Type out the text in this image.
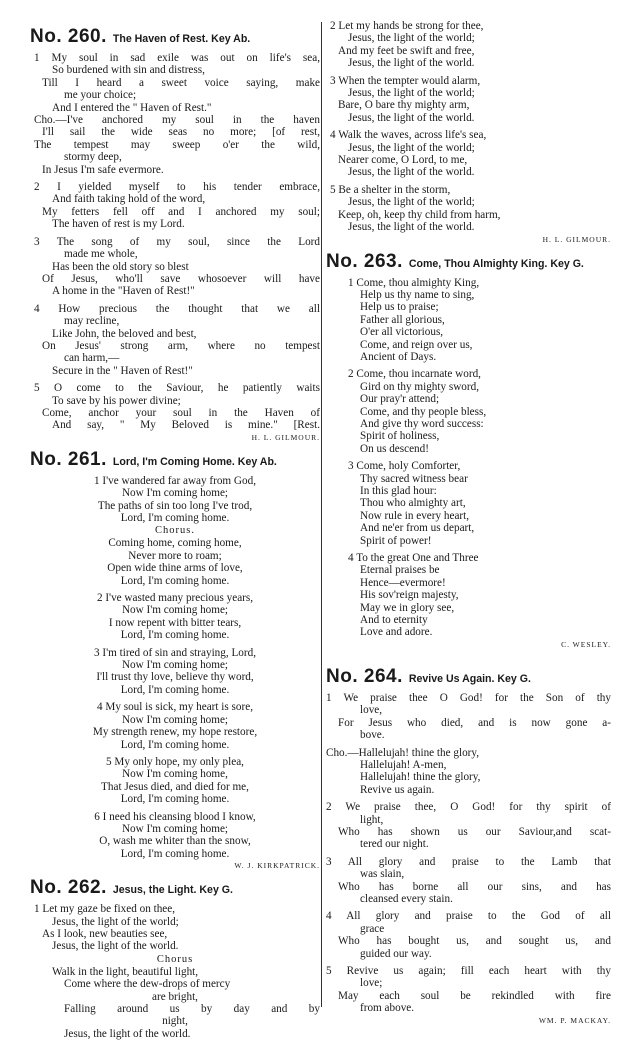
No. 260. The Haven of Rest. Key Ab.
1 My soul in sad exile was out on life's sea,
So burdened with sin and distress,
Till I heard a sweet voice saying, make
me your choice;
And I entered the " Haven of Rest."
Cho.—I've anchored my soul in the haven
I'll sail the wide seas no more; [of rest,
The tempest may sweep o'er the wild,
stormy deep,
In Jesus I'm safe evermore.
2 I yielded myself to his tender embrace,
And faith taking hold of the word,
My fetters fell off and I anchored my soul;
The haven of rest is my Lord.
3 The song of my soul, since the Lord
made me whole,
Has been the old story so blest
Of Jesus, who'll save whosoever will have
A home in the "Haven of Rest!"
4 How precious the thought that we all
may recline,
Like John, the beloved and best,
On Jesus' strong arm, where no tempest
can harm,—
Secure in the " Haven of Rest!"
5 O come to the Saviour, he patiently waits
To save by his power divine;
Come, anchor your soul in the Haven of
And say, " My Beloved is mine." [Rest.
H. L. GILMOUR.
No. 261. Lord, I'm Coming Home. Key Ab.
1 I've wandered far away from God,
Now I'm coming home;
The paths of sin too long I've trod,
Lord, I'm coming home.
Chorus.
Coming home, coming home,
Never more to roam;
Open wide thine arms of love,
Lord, I'm coming home.
2 I've wasted many precious years,
Now I'm coming home;
I now repent with bitter tears,
Lord, I'm coming home.
3 I'm tired of sin and straying, Lord,
Now I'm coming home;
I'll trust thy love, believe thy word,
Lord, I'm coming home.
4 My soul is sick, my heart is sore,
Now I'm coming home;
My strength renew, my hope restore,
Lord, I'm coming home.
5 My only hope, my only plea,
Now I'm coming home,
That Jesus died, and died for me,
Lord, I'm coming home.
6 I need his cleansing blood I know,
Now I'm coming home;
O, wash me whiter than the snow,
Lord, I'm coming home.
W. J. KIRKPATRICK.
No. 262. Jesus, the Light. Key G.
1 Let my gaze be fixed on thee,
Jesus, the light of the world;
As I look, new beauties see,
Jesus, the light of the world.
Chorus
Walk in the light, beautiful light,
Come where the dew-drops of mercy
are bright,
Falling around us by day and by
night,
Jesus, the light of the world.
2 Let my hands be strong for thee,
Jesus, the light of the world;
And my feet be swift and free,
Jesus, the light of the world.
3 When the tempter would alarm,
Jesus, the light of the world;
Bare, O bare thy mighty arm,
Jesus, the light of the world.
4 Walk the waves, across life's sea,
Jesus, the light of the world;
Nearer come, O Lord, to me,
Jesus, the light of the world.
5 Be a shelter in the storm,
Jesus, the light of the world;
Keep, oh, keep thy child from harm,
Jesus, the light of the world.
H. L. GILMOUR.
No. 263. Come, Thou Almighty King. Key G.
1 Come, thou almighty King,
Help us thy name to sing,
Help us to praise;
Father all glorious,
O'er all victorious,
Come, and reign over us,
Ancient of Days.
2 Come, thou incarnate word,
Gird on thy mighty sword,
Our pray'r attend;
Come, and thy people bless,
And give thy word success:
Spirit of holiness,
On us descend!
3 Come, holy Comforter,
Thy sacred witness bear
In this glad hour:
Thou who almighty art,
Now rule in every heart,
And ne'er from us depart,
Spirit of power!
4 To the great One and Three
Eternal praises be
Hence—evermore!
His sov'reign majesty,
May we in glory see,
And to eternity
Love and adore.
C. WESLEY.
No. 264. Revive Us Again. Key G.
1 We praise thee O God! for the Son of thy
love,
For Jesus who died, and is now gone a-
bove.
Cho.—Hallelujah! thine the glory,
Hallelujah! A-men,
Hallelujah! thine the glory,
Revive us again.
2 We praise thee, O God! for thy spirit of
light,
Who has shown us our Saviour,and scat-
tered our night.
3 All glory and praise to the Lamb that
was slain,
Who has borne all our sins, and has
cleansed every stain.
4 All glory and praise to the God of all
grace
Who has bought us, and sought us, and
guided our way.
5 Revive us again; fill each heart with thy
love;
May each soul be rekindled with fire
from above.
WM. P. MACKAY.
